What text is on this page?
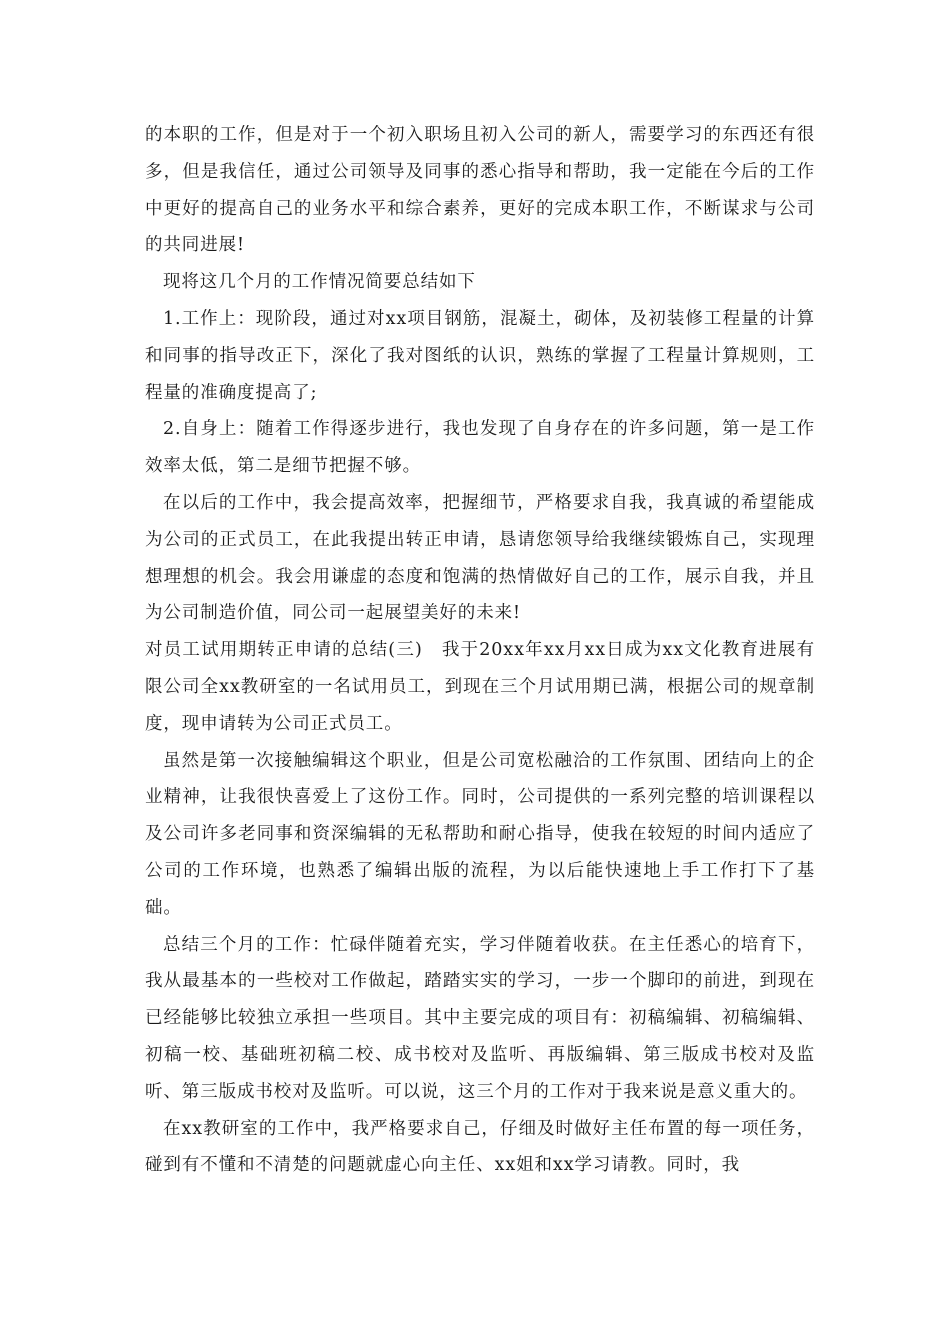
的本职的工作，但是对于一个初入职场且初入公司的新人，需要学习的东西还有很多，但是我信任，通过公司领导及同事的悉心指导和帮助，我一定能在今后的工作中更好的提高自己的业务水平和综合素养，更好的完成本职工作，不断谋求与公司的共同进展!

现将这几个月的工作情况简要总结如下

1.工作上：现阶段，通过对xx项目钢筋，混凝土，砌体，及初装修工程量的计算和同事的指导改正下，深化了我对图纸的认识，熟练的掌握了工程量计算规则，工程量的准确度提高了;

2.自身上：随着工作得逐步进行，我也发现了自身存在的许多问题，第一是工作效率太低，第二是细节把握不够。

在以后的工作中，我会提高效率，把握细节，严格要求自我，我真诚的希望能成为公司的正式员工，在此我提出转正申请，恳请您领导给我继续锻炼自己，实现理想理想的机会。我会用谦虚的态度和饱满的热情做好自己的工作，展示自我，并且为公司制造价值，同公司一起展望美好的未来!

对员工试用期转正申请的总结(三)　我于20xx年xx月xx日成为xx文化教育进展有限公司全xx教研室的一名试用员工，到现在三个月试用期已满，根据公司的规章制度，现申请转为公司正式员工。

虽然是第一次接触编辑这个职业，但是公司宽松融洽的工作氛围、团结向上的企业精神，让我很快喜爱上了这份工作。同时，公司提供的一系列完整的培训课程以及公司许多老同事和资深编辑的无私帮助和耐心指导，使我在较短的时间内适应了公司的工作环境，也熟悉了编辑出版的流程，为以后能快速地上手工作打下了基础。

总结三个月的工作：忙碌伴随着充实，学习伴随着收获。在主任悉心的培育下，我从最基本的一些校对工作做起，踏踏实实的学习，一步一个脚印的前进，到现在已经能够比较独立承担一些项目。其中主要完成的项目有：初稿编辑、初稿编辑、初稿一校、基础班初稿二校、成书校对及监听、再版编辑、第三版成书校对及监听、第三版成书校对及监听。可以说，这三个月的工作对于我来说是意义重大的。

在xx教研室的工作中，我严格要求自己，仔细及时做好主任布置的每一项任务，碰到有不懂和不清楚的问题就虚心向主任、xx姐和xx学习请教。同时，我
